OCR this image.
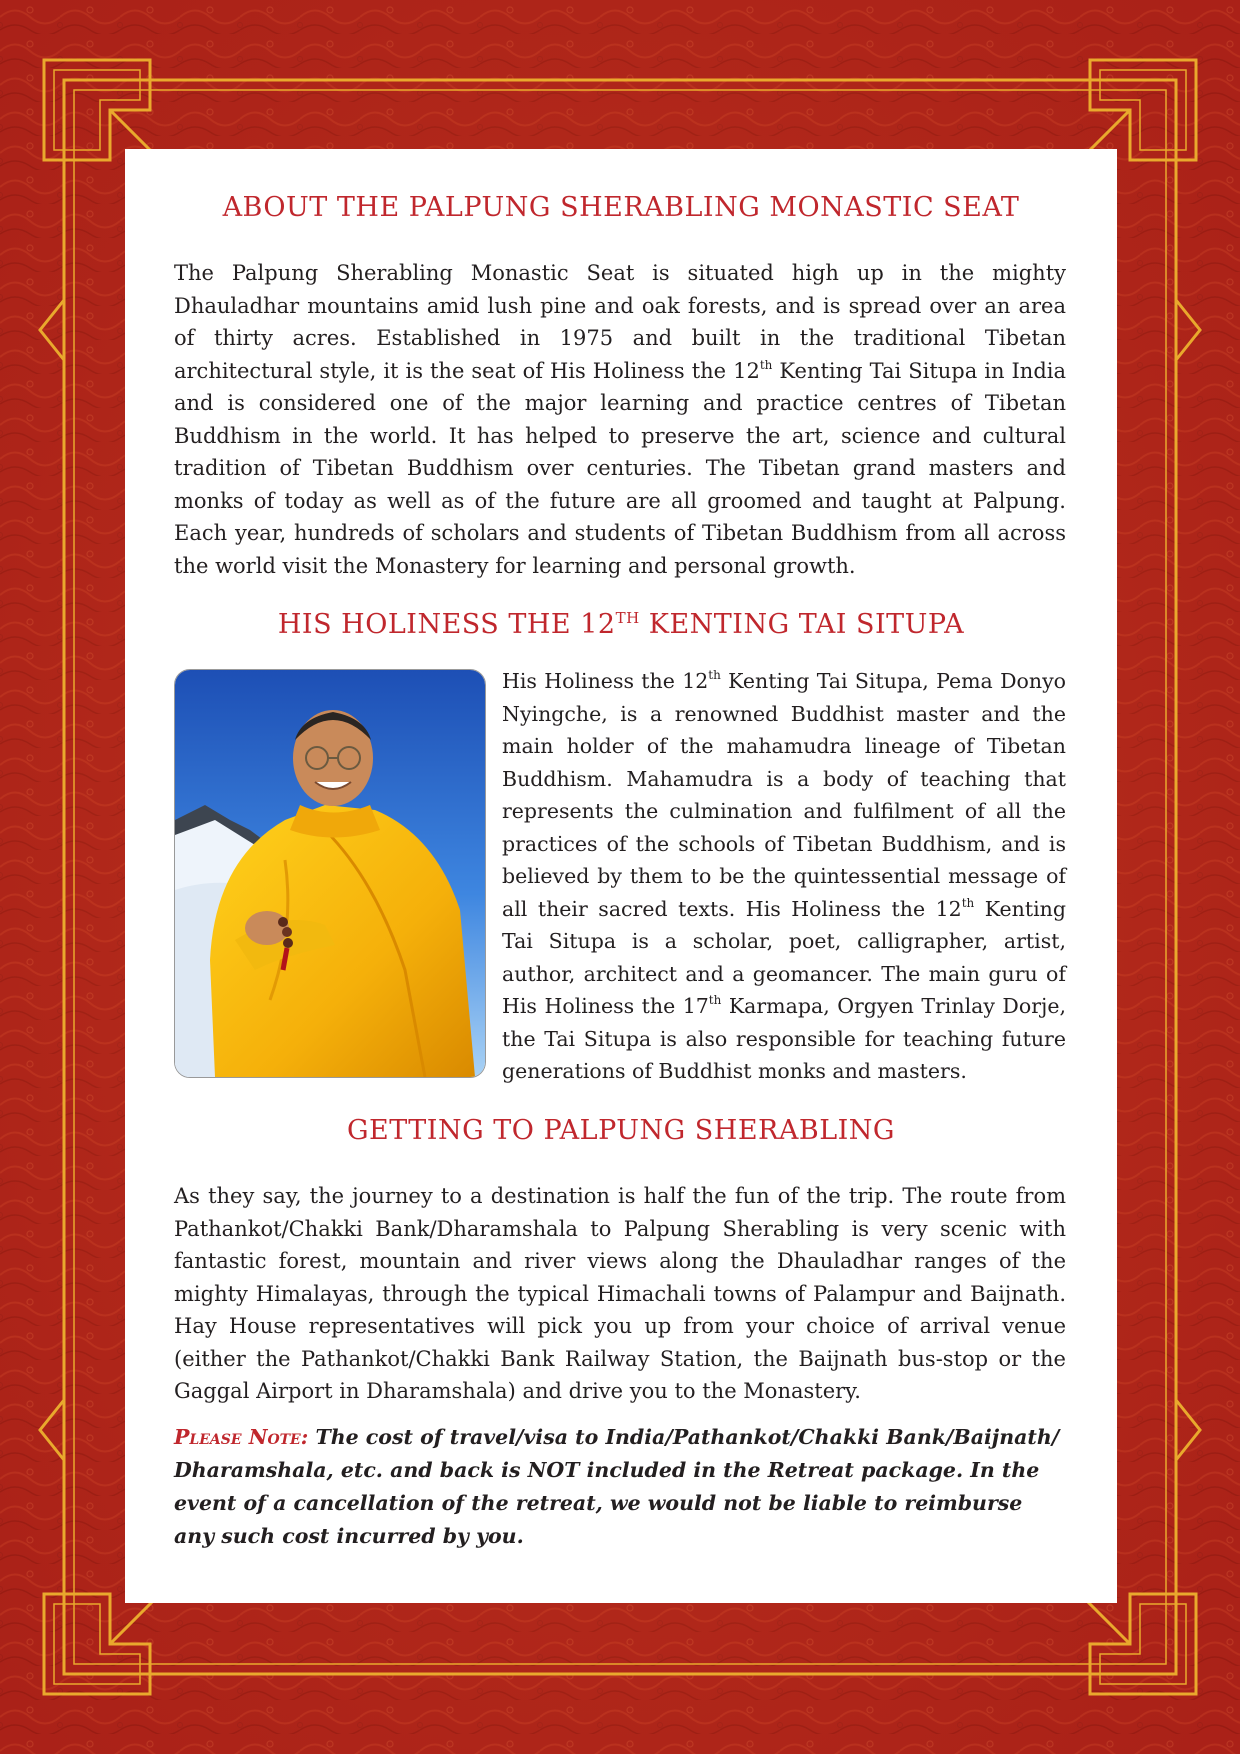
ABOUT THE PALPUNG SHERABLING MONASTIC SEAT

The Palpung Sherabling Monastic Seat is situated high up in the mighty Dhauladhar mountains amid lush pine and oak forests, and is spread over an area of thirty acres. Established in 1975 and built in the traditional Tibetan architectural style, it is the seat of His Holiness the 12th Kenting Tai Situpa in India and is considered one of the major learning and practice centres of Tibetan Buddhism in the world. It has helped to preserve the art, science and cultural tradition of Tibetan Buddhism over centuries. The Tibetan grand masters and monks of today as well as of the future are all groomed and taught at Palpung. Each year, hundreds of scholars and students of Tibetan Buddhism from all across the world visit the Monastery for learning and personal growth.

HIS HOLINESS THE 12TH KENTING TAI SITUPA

His Holiness the 12th Kenting Tai Situpa, Pema Donyo Nyingche, is a renowned Buddhist master and the main holder of the mahamudra lineage of Tibetan Buddhism. Mahamudra is a body of teaching that represents the culmination and fulfilment of all the practices of the schools of Tibetan Buddhism, and is believed by them to be the quintessential message of all their sacred texts. His Holiness the 12th Kenting Tai Situpa is a scholar, poet, calligrapher, artist, author, architect and a geomancer. The main guru of His Holiness the 17th Karmapa, Orgyen Trinlay Dorje, the Tai Situpa is also responsible for teaching future generations of Buddhist monks and masters.

GETTING TO PALPUNG SHERABLING

As they say, the journey to a destination is half the fun of the trip. The route from Pathankot/Chakki Bank/Dharamshala to Palpung Sherabling is very scenic with fantastic forest, mountain and river views along the Dhauladhar ranges of the mighty Himalayas, through the typical Himachali towns of Palampur and Baijnath. Hay House representatives will pick you up from your choice of arrival venue (either the Pathankot/Chakki Bank Railway Station, the Baijnath bus-stop or the Gaggal Airport in Dharamshala) and drive you to the Monastery.

Please Note: The cost of travel/visa to India/Pathankot/Chakki Bank/Baijnath/ Dharamshala, etc. and back is NOT included in the Retreat package. In the event of a cancellation of the retreat, we would not be liable to reimburse any such cost incurred by you.
